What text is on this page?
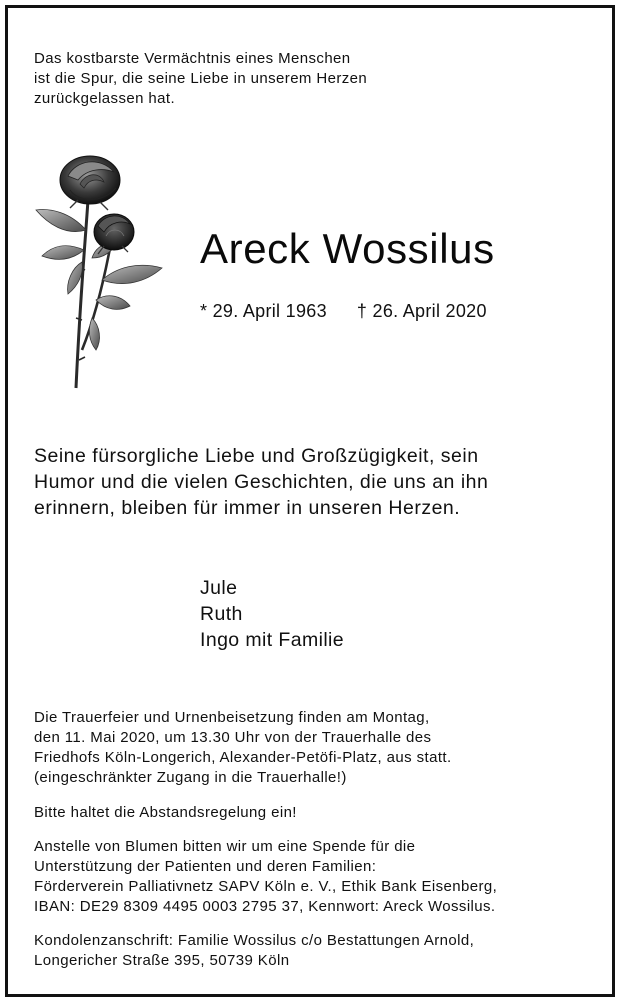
Das kostbarste Vermächtnis eines Menschen
ist die Spur, die seine Liebe in unserem Herzen
zurückgelassen hat.
Areck Wossilus
* 29. April 1963 † 26. April 2020
Seine fürsorgliche Liebe und Großzügigkeit, sein
Humor und die vielen Geschichten, die uns an ihn
erinnern, bleiben für immer in unseren Herzen.
Jule
Ruth
Ingo mit Familie
Die Trauerfeier und Urnenbeisetzung finden am Montag,
den 11. Mai 2020, um 13.30 Uhr von der Trauerhalle des
Friedhofs Köln-Longerich, Alexander-Petöfi-Platz, aus statt.
(eingeschränkter Zugang in die Trauerhalle!)
Bitte haltet die Abstandsregelung ein!
Anstelle von Blumen bitten wir um eine Spende für die
Unterstützung der Patienten und deren Familien:
Förderverein Palliativnetz SAPV Köln e. V., Ethik Bank Eisenberg,
IBAN: DE29 8309 4495 0003 2795 37, Kennwort: Areck Wossilus.
Kondolenzanschrift: Familie Wossilus c/o Bestattungen Arnold,
Longericher Straße 395, 50739 Köln
